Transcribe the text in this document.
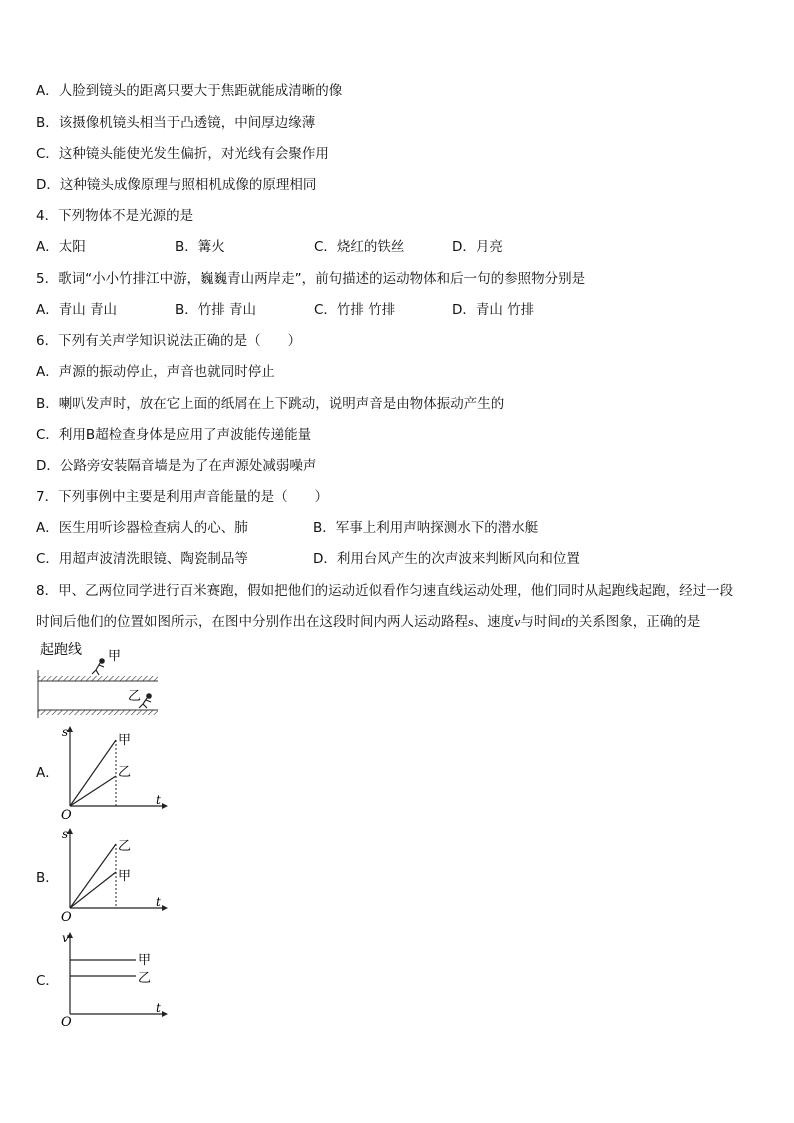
A．人脸到镜头的距离只要大于焦距就能成清晰的像
B．该摄像机镜头相当于凸透镜，中间厚边缘薄
C．这种镜头能使光发生偏折，对光线有会聚作用
D．这种镜头成像原理与照相机成像的原理相同
4．下列物体不是光源的是
A．太阳	B．篝火	C．烧红的铁丝	D．月亮
5．歌词“小小竹排江中游，巍巍青山两岸走”，前句描述的运动物体和后一句的参照物分别是
A．青山 青山	B．竹排 青山	C．竹排 竹排	D．青山 竹排
6．下列有关声学知识说法正确的是（　　）
A．声源的振动停止，声音也就同时停止
B．喇叭发声时，放在它上面的纸屑在上下跳动，说明声音是由物体振动产生的
C．利用B超检查身体是应用了声波能传递能量
D．公路旁安装隔音墙是为了在声源处减弱噪声
7．下列事例中主要是利用声音能量的是（　　）
A．医生用听诊器检查病人的心、肺	B．军事上利用声呐探测水下的潜水艇
C．用超声波清洗眼镜、陶瓷制品等	D．利用台风产生的次声波来判断风向和位置
8．甲、乙两位同学进行百米赛跑，假如把他们的运动近似看作匀速直线运动处理，他们同时从起跑线起跑，经过一段
时间后他们的位置如图所示，在图中分别作出在这段时间内两人运动路程s、速度v与时间t的关系图象，正确的是
起跑线 甲
乙
A．
s
t
O
甲
乙
B．
s
t
O
乙
甲
C．
v
t
O
甲
乙
